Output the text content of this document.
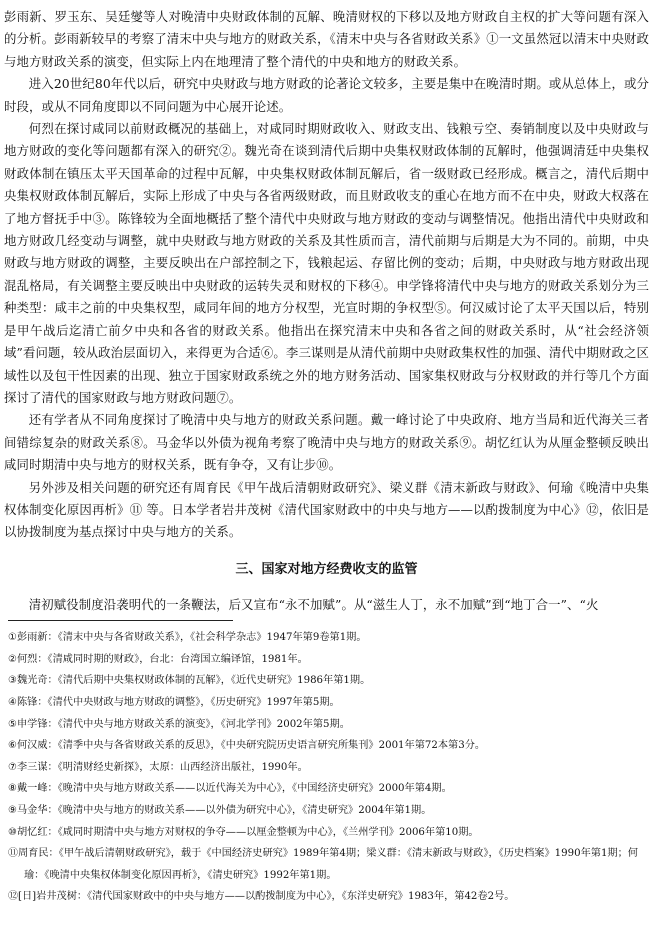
彭雨新、罗玉东、吴廷燮等人对晚清中央财政体制的瓦解、晚清财权的下移以及地方财政自主权的扩大等问题有深入的分析。彭雨新较早的考察了清末中央与地方的财政关系，《清末中央与各省财政关系》①一文虽然冠以清末中央财政与地方财政关系的演变，但实际上内在地理清了整个清代的中央和地方的财政关系。

进入20世纪80年代以后，研究中央财政与地方财政的论著论文较多，主要是集中在晚清时期。或从总体上，或分时段，或从不同角度即以不同问题为中心展开论述。

何烈在探讨咸同以前财政概况的基础上，对咸同时期财政收入、财政支出、钱粮亏空、奏销制度以及中央财政与地方财政的变化等问题都有深入的研究②。魏光奇在谈到清代后期中央集权财政体制的瓦解时，他强调清廷中央集权财政体制在镇压太平天国革命的过程中瓦解，中央集权财政体制瓦解后，省一级财政已经形成。概言之，清代后期中央集权财政体制瓦解后，实际上形成了中央与各省两级财政，而且财政收支的重心在地方而不在中央，财政大权落在了地方督抚手中③。陈锋较为全面地概括了整个清代中央财政与地方财政的变动与调整情况。他指出清代中央财政和地方财政几经变动与调整，就中央财政与地方财政的关系及其性质而言，清代前期与后期是大为不同的。前期，中央财政与地方财政的调整，主要反映出在户部控制之下，钱粮起运、存留比例的变动；后期，中央财政与地方财政出现混乱格局，有关调整主要反映出中央财政的运转失灵和财权的下移④。申学锋将清代中央与地方的财政关系划分为三种类型：咸丰之前的中央集权型，咸同年间的地方分权型，光宣时期的争权型⑤。何汉威讨论了太平天国以后，特别是甲午战后迄清亡前夕中央和各省的财政关系。他指出在探究清末中央和各省之间的财政关系时，从“社会经济领域”看问题，较从政治层面切入，来得更为合适⑥。李三谋则是从清代前期中央财政集权性的加强、清代中期财政之区域性以及包干性因素的出现、独立于国家财政系统之外的地方财务活动、国家集权财政与分权财政的并行等几个方面探讨了清代的国家财政与地方财政问题⑦。

还有学者从不同角度探讨了晚清中央与地方的财政关系问题。戴一峰讨论了中央政府、地方当局和近代海关三者间错综复杂的财政关系⑧。马金华以外债为视角考察了晚清中央与地方的财政关系⑨。胡忆红认为从厘金整顿反映出咸同时期清中央与地方的财权关系，既有争夺，又有让步⑩。

另外涉及相关问题的研究还有周育民《甲午战后清朝财政研究》、梁义群《清末新政与财政》、何瑜《晚清中央集权体制变化原因再析》⑪ 等。日本学者岩井茂树《清代国家财政中的中央与地方——以酌拨制度为中心》⑫，依旧是以协拨制度为基点探讨中央与地方的关系。

三、国家对地方经费收支的监管

清初赋役制度沿袭明代的一条鞭法，后又宣布“永不加赋”。从“滋生人丁，永不加赋”到“地丁合一”、“火

①彭雨新：《清末中央与各省财政关系》，《社会科学杂志》1947年第9卷第1期。
②何烈：《清咸同时期的财政》，台北：台湾国立编译馆，1981年。
③魏光奇：《清代后期中央集权财政体制的瓦解》，《近代史研究》1986年第1期。
④陈锋：《清代中央财政与地方财政的调整》，《历史研究》1997年第5期。
⑤申学锋：《清代中央与地方财政关系的演变》，《河北学刊》2002年第5期。
⑥何汉威：《清季中央与各省财政关系的反思》，《中央研究院历史语言研究所集刊》2001年第72本第3分。
⑦李三谋：《明清财经史新探》，太原：山西经济出版社，1990年。
⑧戴一峰：《晚清中央与地方财政关系——以近代海关为中心》，《中国经济史研究》2000年第4期。
⑨马金华：《晚清中央与地方的财政关系——以外债为研究中心》，《清史研究》2004年第1期。
⑩胡忆红：《咸同时期清中央与地方对财权的争夺——以厘金整顿为中心》，《兰州学刊》2006年第10期。
⑪周育民：《甲午战后清朝财政研究》，载于《中国经济史研究》1989年第4期；梁义群：《清末新政与财政》，《历史档案》1990年第1期；何瑜：《晚清中央集权体制变化原因再析》，《清史研究》1992年第1期。
⑫[日]岩井茂树：《清代国家财政中的中央与地方——以酌拨制度为中心》，《东洋史研究》1983年，第42卷2号。
